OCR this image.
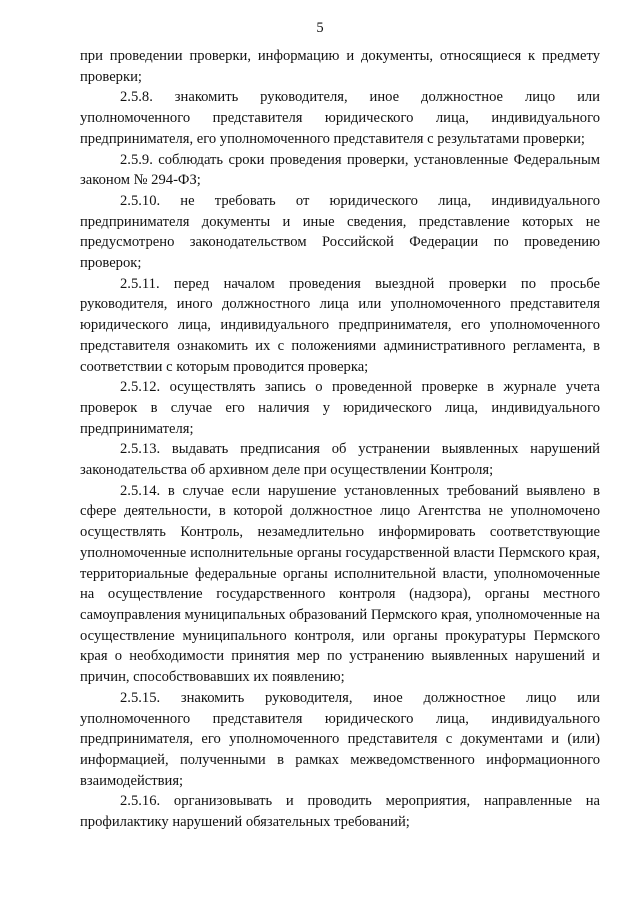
5

при проведении проверки, информацию и документы, относящиеся к предмету проверки;

2.5.8. знакомить руководителя, иное должностное лицо или уполномоченного представителя юридического лица, индивидуального предпринимателя, его уполномоченного представителя с результатами проверки;

2.5.9. соблюдать сроки проведения проверки, установленные Федеральным законом № 294-ФЗ;

2.5.10. не требовать от юридического лица, индивидуального предпринимателя документы и иные сведения, представление которых не предусмотрено законодательством Российской Федерации по проведению проверок;

2.5.11. перед началом проведения выездной проверки по просьбе руководителя, иного должностного лица или уполномоченного представителя юридического лица, индивидуального предпринимателя, его уполномоченного представителя ознакомить их с положениями административного регламента, в соответствии с которым проводится проверка;

2.5.12. осуществлять запись о проведенной проверке в журнале учета проверок в случае его наличия у юридического лица, индивидуального предпринимателя;

2.5.13. выдавать предписания об устранении выявленных нарушений законодательства об архивном деле при осуществлении Контроля;

2.5.14. в случае если нарушение установленных требований выявлено в сфере деятельности, в которой должностное лицо Агентства не уполномочено осуществлять Контроль, незамедлительно информировать соответствующие уполномоченные исполнительные органы государственной власти Пермского края, территориальные федеральные органы исполнительной власти, уполномоченные на осуществление государственного контроля (надзора), органы местного самоуправления муниципальных образований Пермского края, уполномоченные на осуществление муниципального контроля, или органы прокуратуры Пермского края о необходимости принятия мер по устранению выявленных нарушений и причин, способствовавших их появлению;

2.5.15. знакомить руководителя, иное должностное лицо или уполномоченного представителя юридического лица, индивидуального предпринимателя, его уполномоченного представителя с документами и (или) информацией, полученными в рамках межведомственного информационного взаимодействия;

2.5.16. организовывать и проводить мероприятия, направленные на профилактику нарушений обязательных требований;
